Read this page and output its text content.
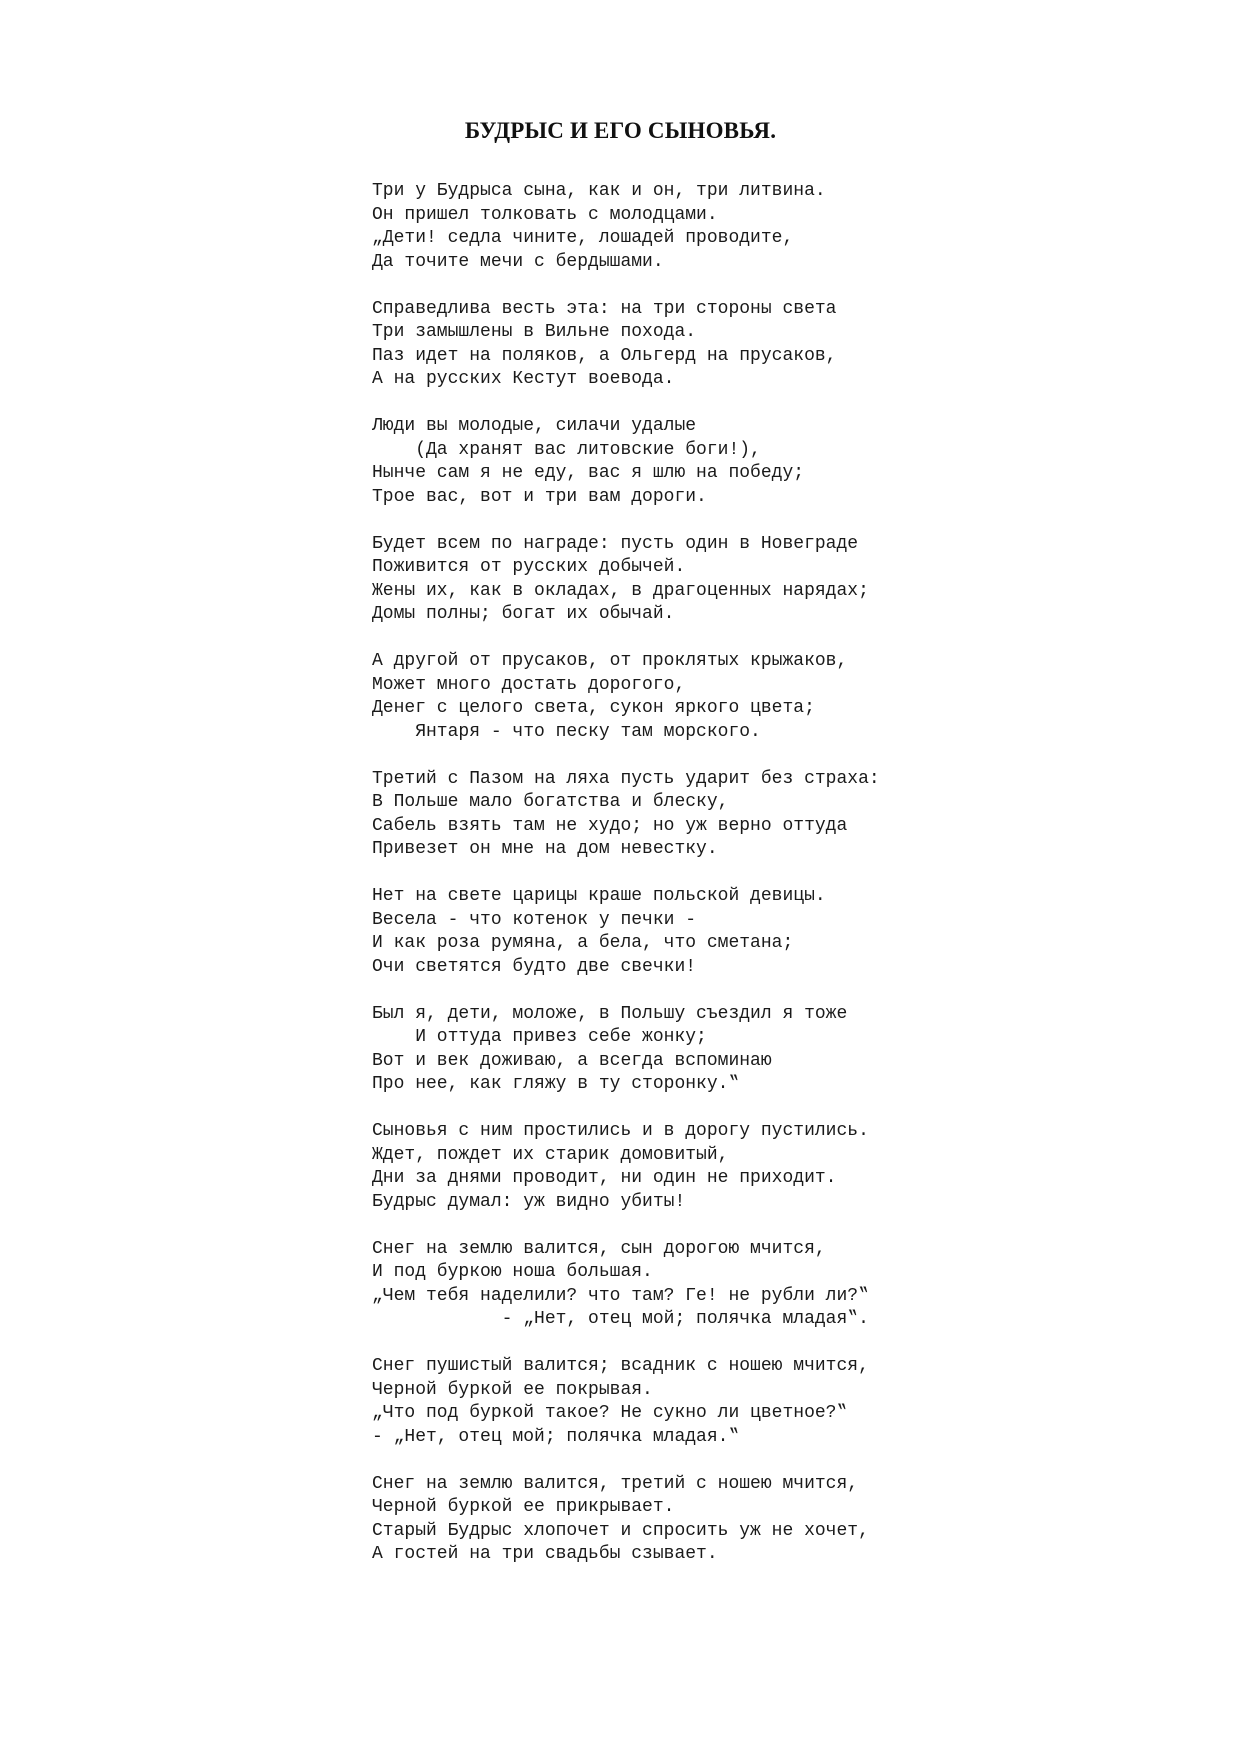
БУДРЫС И ЕГО СЫНОВЬЯ.
Три у Будрыса сына, как и он, три литвина.
Он пришел толковать с молодцами.
„Дети! седла чините, лошадей проводите,
Да точите мечи с бердышами.
Справедлива весть эта: на три стороны света
Три замышлены в Вильне похода.
Паз идет на поляков, а Ольгерд на прусаков,
А на русских Кестут воевода.
Люди вы молодые, силачи удалые
(Да хранят вас литовские боги!),
Нынче сам я не еду, вас я шлю на победу;
Трое вас, вот и три вам дороги.
Будет всем по награде: пусть один в Новеграде
Поживится от русских добычей.
Жены их, как в окладах, в драгоценных нарядах;
Домы полны; богат их обычай.
А другой от прусаков, от проклятых крыжаков,
Может много достать дорогого,
Денег с целого света, сукон яркого цвета;
Янтаря - что песку там морского.
Третий с Пазом на ляха пусть ударит без страха:
В Польше мало богатства и блеску,
Сабель взять там не худо; но уж верно оттуда
Привезет он мне на дом невестку.
Нет на свете царицы краше польской девицы.
Весела - что котенок у печки -
И как роза румяна, а бела, что сметана;
Очи светятся будто две свечки!
Был я, дети, моложе, в Польшу съездил я тоже
И оттуда привез себе жонку;
Вот и век доживаю, а всегда вспоминаю
Про нее, как гляжу в ту сторонку.‟
Сыновья с ним простились и в дорогу пустились.
Ждет, пождет их старик домовитый,
Дни за днями проводит, ни один не приходит.
Будрыс думал: уж видно убиты!
Снег на землю валится, сын дорогою мчится,
И под буркою ноша большая.
„Чем тебя наделили? что там? Ге! не рубли ли?‟
- „Нет, отец мой; полячка младая‟.
Снег пушистый валится; всадник с ношею мчится,
Черной буркой ее покрывая.
„Что под буркой такое? Не сукно ли цветное?‟
- „Нет, отец мой; полячка младая.‟
Снег на землю валится, третий с ношею мчится,
Черной буркой ее прикрывает.
Старый Будрыс хлопочет и спросить уж не хочет,
А гостей на три свадьбы сзывает.
